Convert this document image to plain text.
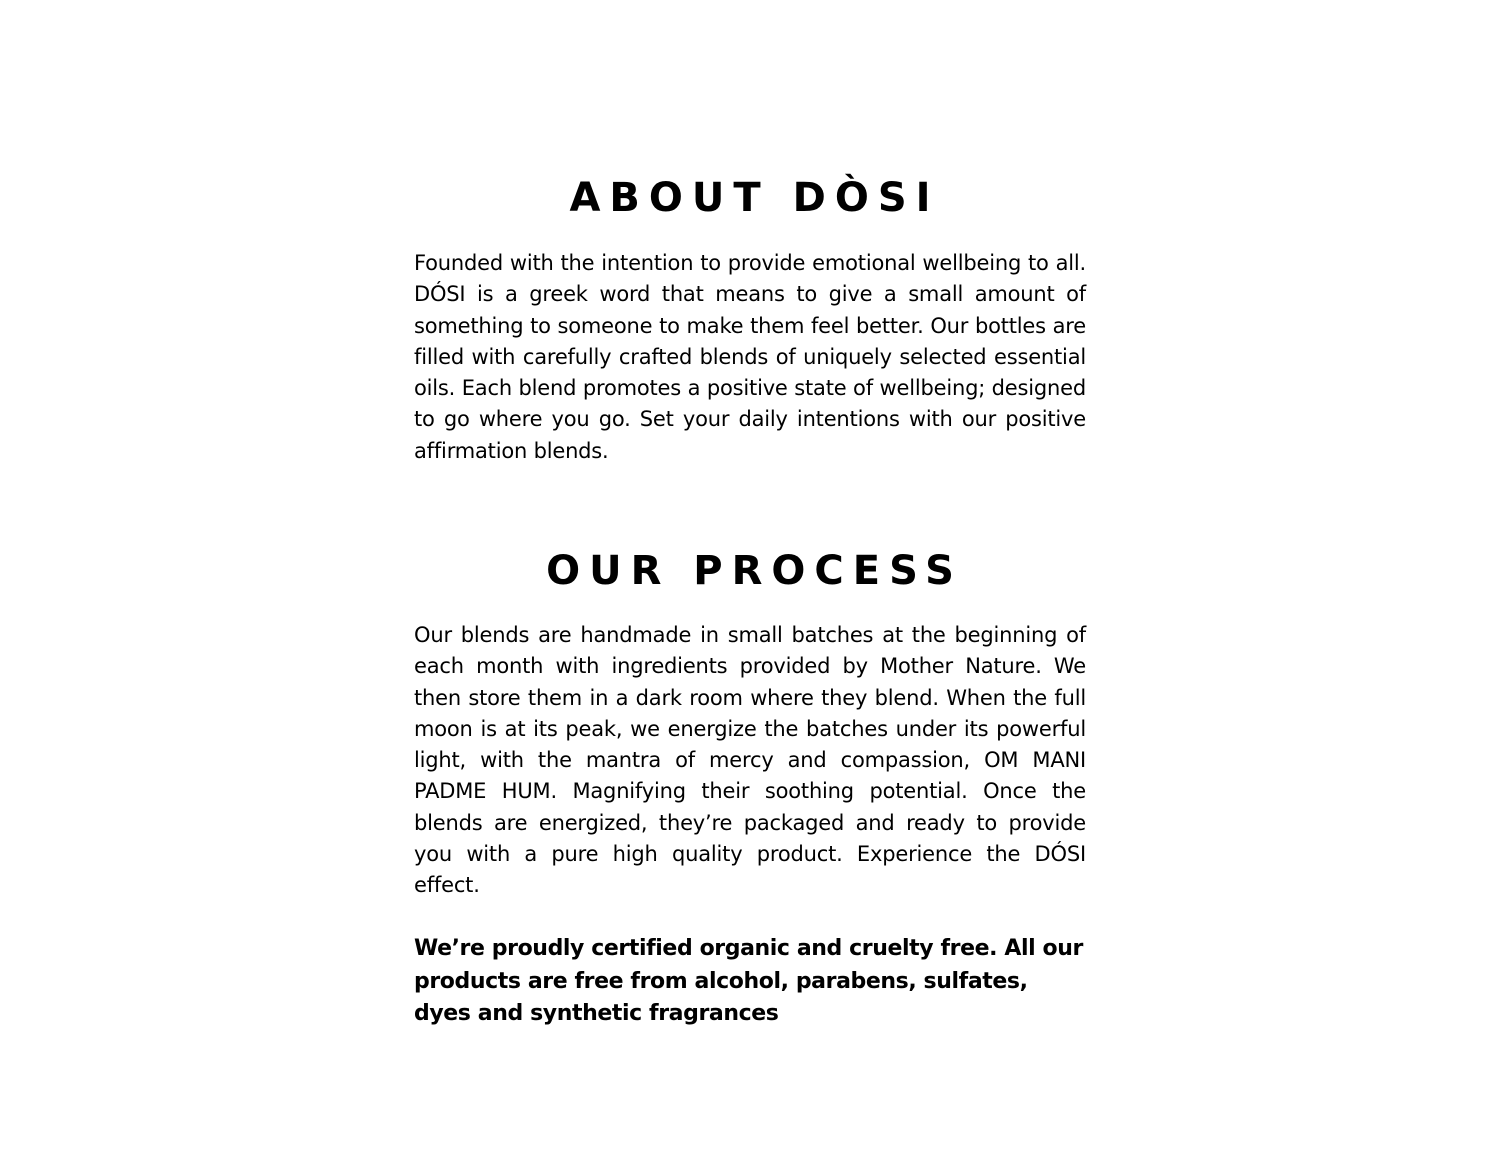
ABOUT DÒSI

Founded with the intention to provide emotional wellbeing to all. DÓSI is a greek word that means to give a small amount of something to someone to make them feel better. Our bottles are filled with carefully crafted blends of uniquely selected essential oils. Each blend promotes a positive state of wellbeing; designed to go where you go. Set your daily intentions with our positive affirmation blends.

OUR PROCESS

Our blends are handmade in small batches at the beginning of each month with ingredients provided by Mother Nature. We then store them in a dark room where they blend. When the full moon is at its peak, we energize the batches under its powerful light, with the mantra of mercy and compassion, OM MANI PADME HUM. Magnifying their soothing potential. Once the blends are energized, they’re packaged and ready to provide you with a pure high quality product. Experience the DÓSI effect.

We’re proudly certified organic and cruelty free. All our products are free from alcohol, parabens, sulfates, dyes and synthetic fragrances
